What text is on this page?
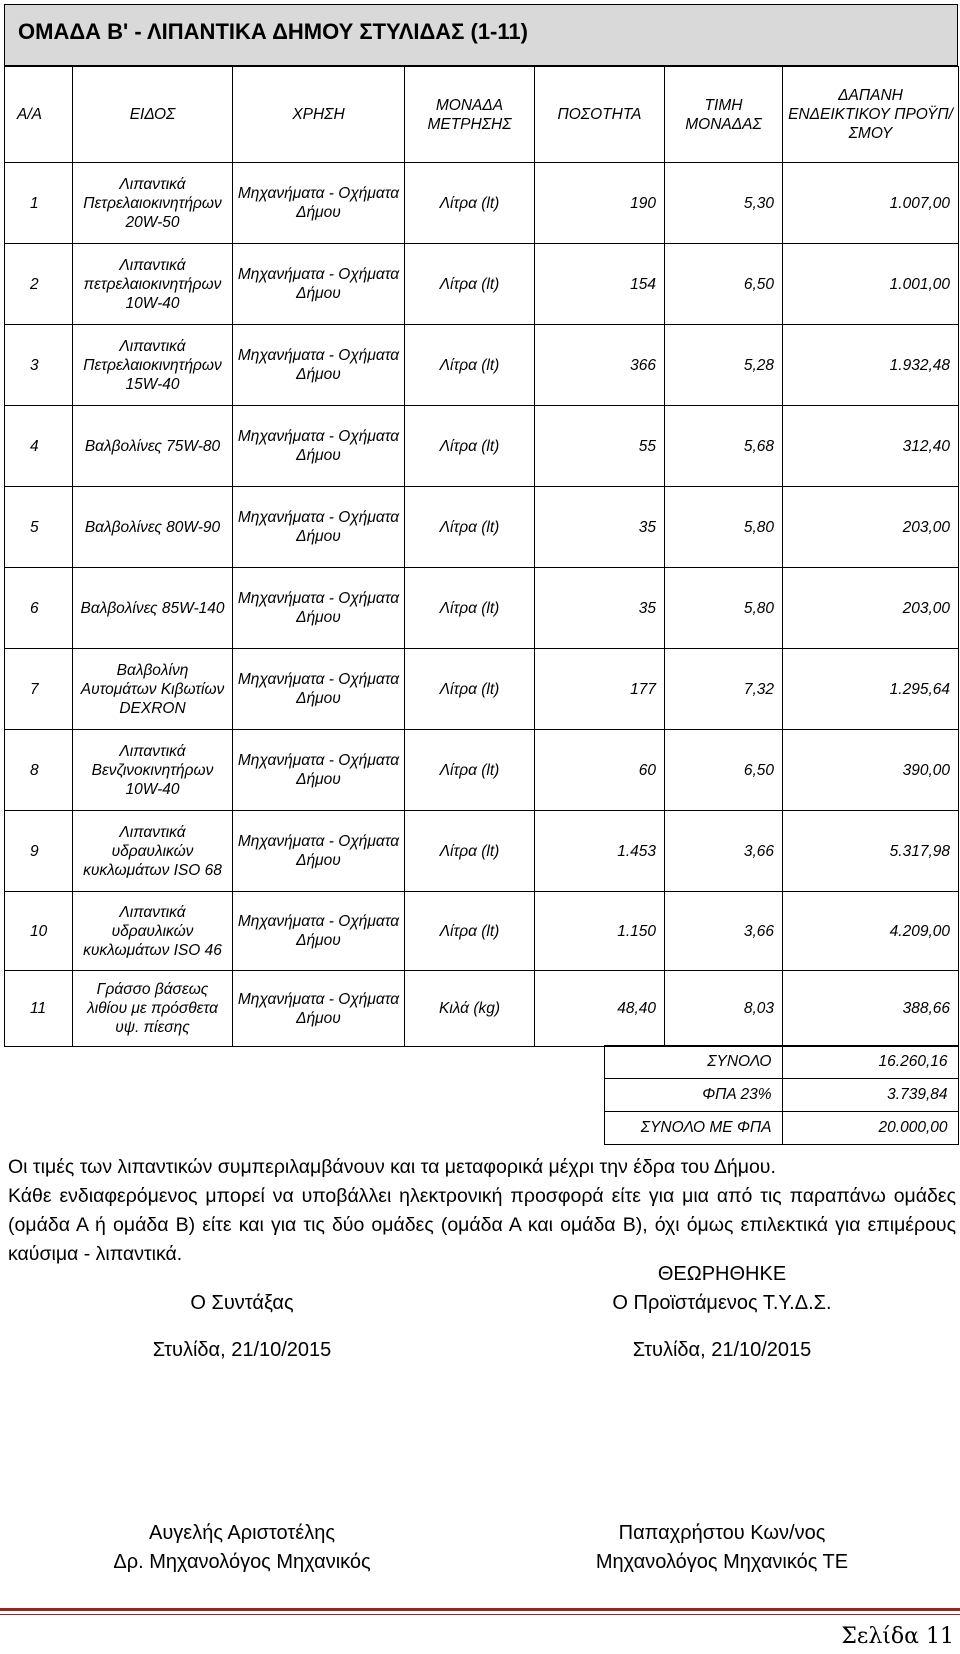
ΟΜΑΔΑ Β' - ΛΙΠΑΝΤΙΚΑ ΔΗΜΟΥ ΣΤΥΛΙΔΑΣ (1-11)
Α/Α	ΕΙΔΟΣ	ΧΡΗΣΗ	ΜΟΝΑΔΑ ΜΕΤΡΗΣΗΣ	ΠΟΣΟΤΗΤΑ	ΤΙΜΗ ΜΟΝΑΔΑΣ	ΔΑΠΑΝΗ ΕΝΔΕΙΚΤΙΚΟΥ ΠΡΟΫΠ/ΣΜΟΥ
1	Λιπαντικά Πετρελαιοκινητήρων 20W-50	Μηχανήματα - Οχήματα Δήμου	Λίτρα (lt)	190	5,30	1.007,00
2	Λιπαντικά πετρελαιοκινητήρων 10W-40	Μηχανήματα - Οχήματα Δήμου	Λίτρα (lt)	154	6,50	1.001,00
3	Λιπαντικά Πετρελαιοκινητήρων 15W-40	Μηχανήματα - Οχήματα Δήμου	Λίτρα (lt)	366	5,28	1.932,48
4	Βαλβολίνες 75W-80	Μηχανήματα - Οχήματα Δήμου	Λίτρα (lt)	55	5,68	312,40
5	Βαλβολίνες 80W-90	Μηχανήματα - Οχήματα Δήμου	Λίτρα (lt)	35	5,80	203,00
6	Βαλβολίνες 85W-140	Μηχανήματα - Οχήματα Δήμου	Λίτρα (lt)	35	5,80	203,00
7	Βαλβολίνη Αυτομάτων Κιβωτίων DEXRON	Μηχανήματα - Οχήματα Δήμου	Λίτρα (lt)	177	7,32	1.295,64
8	Λιπαντικά Βενζινοκινητήρων 10W-40	Μηχανήματα - Οχήματα Δήμου	Λίτρα (lt)	60	6,50	390,00
9	Λιπαντικά υδραυλικών κυκλωμάτων ISO 68	Μηχανήματα - Οχήματα Δήμου	Λίτρα (lt)	1.453	3,66	5.317,98
10	Λιπαντικά υδραυλικών κυκλωμάτων ISO 46	Μηχανήματα - Οχήματα Δήμου	Λίτρα (lt)	1.150	3,66	4.209,00
11	Γράσσο βάσεως λιθίου με πρόσθετα υψ. πίεσης	Μηχανήματα - Οχήματα Δήμου	Κιλά (kg)	48,40	8,03	388,66
	ΣΥΝΟΛΟ	16.260,16
	ΦΠΑ 23%	3.739,84
	ΣΥΝΟΛΟ ΜΕ ΦΠΑ	20.000,00

Οι τιμές των λιπαντικών συμπεριλαμβάνουν και τα μεταφορικά μέχρι την έδρα του Δήμου.

Κάθε ενδιαφερόμενος μπορεί να υποβάλλει ηλεκτρονική προσφορά είτε για μια από τις παραπάνω ομάδες (ομάδα Α ή ομάδα Β) είτε και για τις δύο ομάδες (ομάδα Α και ομάδα Β), όχι όμως επιλεκτικά για επιμέρους καύσιμα - λιπαντικά.

ΘΕΩΡΗΘΗΚΕ
Ο Συντάξας	Ο Προϊστάμενος Τ.Υ.Δ.Σ.
Στυλίδα, 21/10/2015	Στυλίδα, 21/10/2015
Αυγελής Αριστοτέλης	Παπαχρήστου Κων/νος
Δρ. Μηχανολόγος Μηχανικός	Μηχανολόγος Μηχανικός ΤΕ
Σελίδα 11
